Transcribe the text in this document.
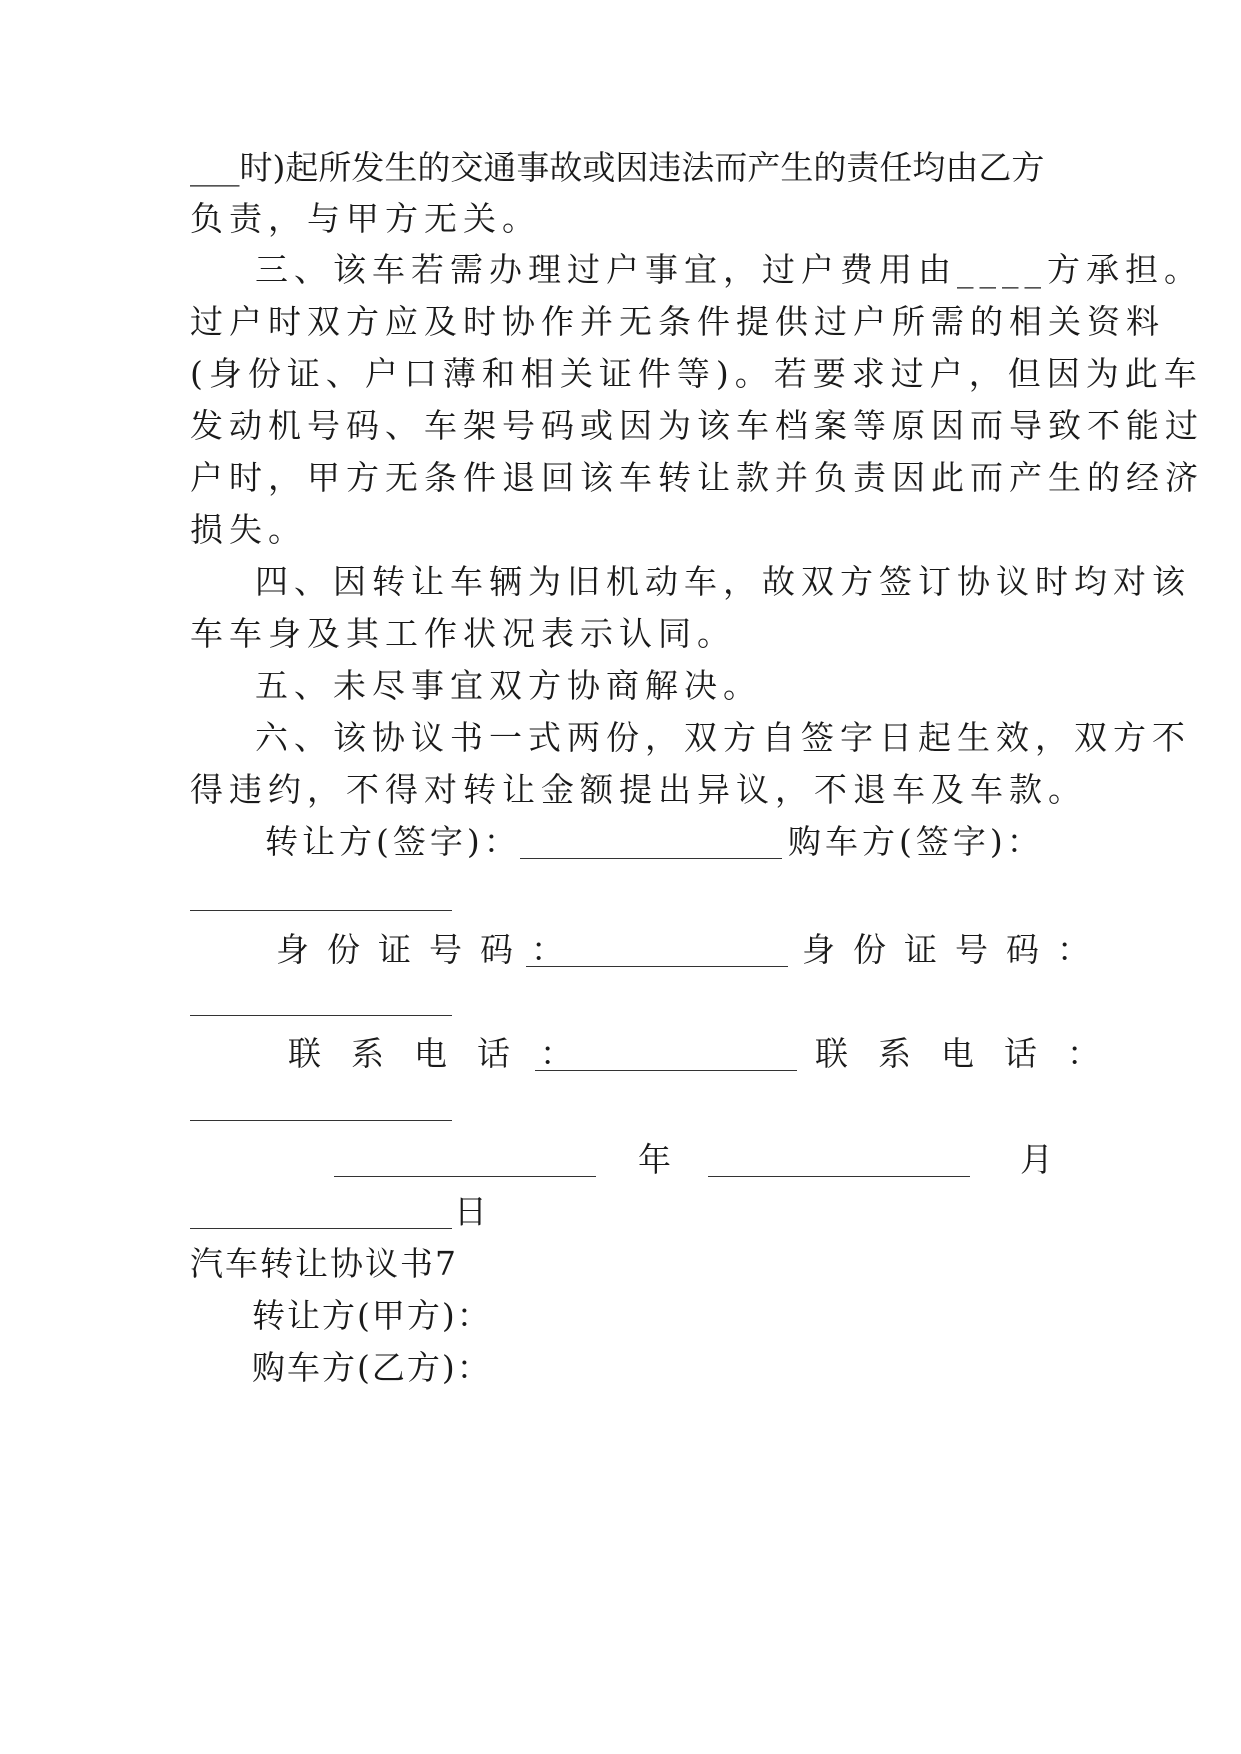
___时)起所发生的交通事故或因违法而产生的责任均由乙方
负责，与甲方无关。
三、该车若需办理过户事宜，过户费用由____方承担。
过户时双方应及时协作并无条件提供过户所需的相关资料
(身份证、户口薄和相关证件等)。若要求过户，但因为此车
发动机号码、车架号码或因为该车档案等原因而导致不能过
户时，甲方无条件退回该车转让款并负责因此而产生的经济
损失。
四、因转让车辆为旧机动车，故双方签订协议时均对该
车车身及其工作状况表示认同。
五、未尽事宜双方协商解决。
六、该协议书一式两份，双方自签字日起生效，双方不
得违约，不得对转让金额提出异议，不退车及车款。
转让方(签字)：	购车方(签字)：
身份证号码：	身份证号码：
联系电话：	联系电话：
年	月
日
汽车转让协议书7
转让方(甲方)：
购车方(乙方)：
